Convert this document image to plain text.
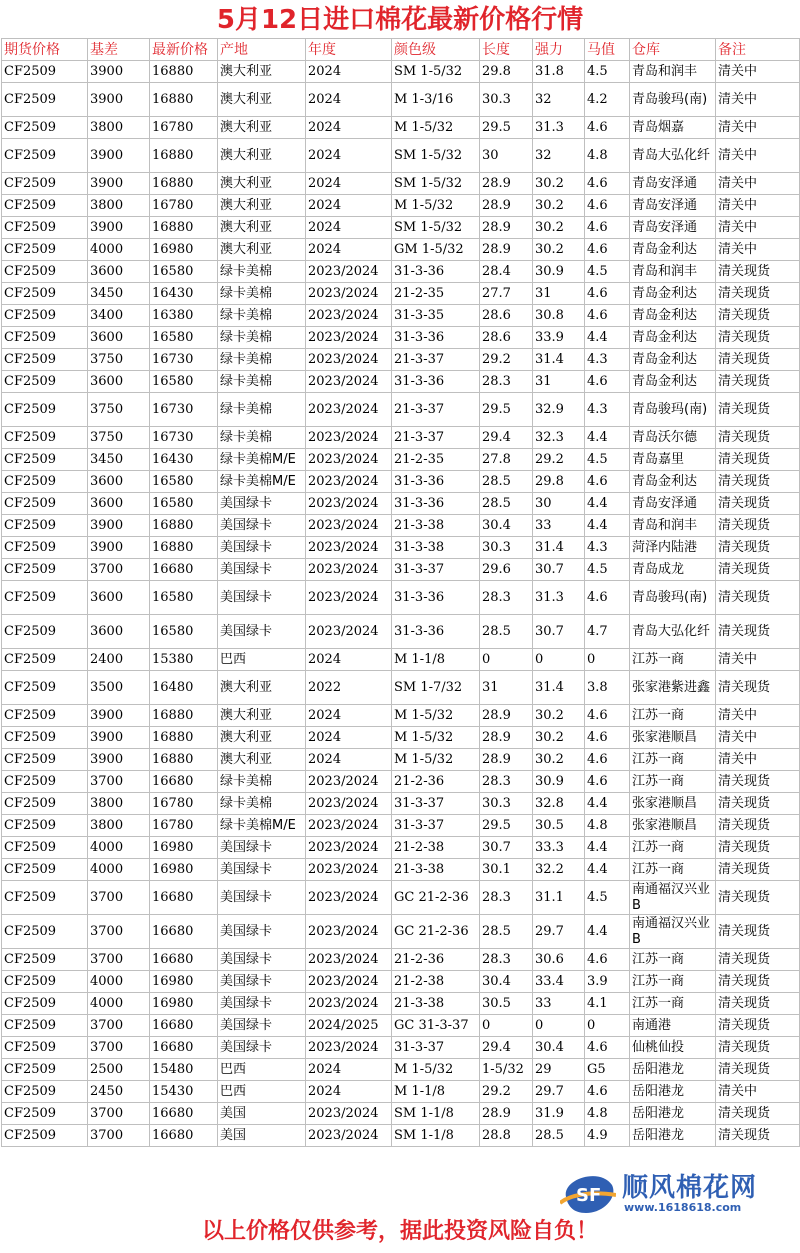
5月12日进口棉花最新价格行情
期货价格	基差	最新价格	产地	年度	颜色级	长度	强力	马值	仓库	备注
CF2509	3900	16880	澳大利亚	2024	SM 1-5/32	29.8	31.8	4.5	青岛和润丰	清关中
CF2509	3900	16880	澳大利亚	2024	M 1-3/16	30.3	32	4.2	青岛骏玛(南)	清关中
CF2509	3800	16780	澳大利亚	2024	M 1-5/32	29.5	31.3	4.6	青岛烟嘉	清关中
CF2509	3900	16880	澳大利亚	2024	SM 1-5/32	30	32	4.8	青岛大弘化纤	清关中
CF2509	3900	16880	澳大利亚	2024	SM 1-5/32	28.9	30.2	4.6	青岛安泽通	清关中
CF2509	3800	16780	澳大利亚	2024	M 1-5/32	28.9	30.2	4.6	青岛安泽通	清关中
CF2509	3900	16880	澳大利亚	2024	SM 1-5/32	28.9	30.2	4.6	青岛安泽通	清关中
CF2509	4000	16980	澳大利亚	2024	GM 1-5/32	28.9	30.2	4.6	青岛金利达	清关中
CF2509	3600	16580	绿卡美棉	2023/2024	31-3-36	28.4	30.9	4.5	青岛和润丰	清关现货
CF2509	3450	16430	绿卡美棉	2023/2024	21-2-35	27.7	31	4.6	青岛金利达	清关现货
CF2509	3400	16380	绿卡美棉	2023/2024	31-3-35	28.6	30.8	4.6	青岛金利达	清关现货
CF2509	3600	16580	绿卡美棉	2023/2024	31-3-36	28.6	33.9	4.4	青岛金利达	清关现货
CF2509	3750	16730	绿卡美棉	2023/2024	21-3-37	29.2	31.4	4.3	青岛金利达	清关现货
CF2509	3600	16580	绿卡美棉	2023/2024	31-3-36	28.3	31	4.6	青岛金利达	清关现货
CF2509	3750	16730	绿卡美棉	2023/2024	21-3-37	29.5	32.9	4.3	青岛骏玛(南)	清关现货
CF2509	3750	16730	绿卡美棉	2023/2024	21-3-37	29.4	32.3	4.4	青岛沃尔德	清关现货
CF2509	3450	16430	绿卡美棉M/E	2023/2024	21-2-35	27.8	29.2	4.5	青岛嘉里	清关现货
CF2509	3600	16580	绿卡美棉M/E	2023/2024	31-3-36	28.5	29.8	4.6	青岛金利达	清关现货
CF2509	3600	16580	美国绿卡	2023/2024	31-3-36	28.5	30	4.4	青岛安泽通	清关现货
CF2509	3900	16880	美国绿卡	2023/2024	21-3-38	30.4	33	4.4	青岛和润丰	清关现货
CF2509	3900	16880	美国绿卡	2023/2024	31-3-38	30.3	31.4	4.3	菏泽内陆港	清关现货
CF2509	3700	16680	美国绿卡	2023/2024	31-3-37	29.6	30.7	4.5	青岛成龙	清关现货
CF2509	3600	16580	美国绿卡	2023/2024	31-3-36	28.3	31.3	4.6	青岛骏玛(南)	清关现货
CF2509	3600	16580	美国绿卡	2023/2024	31-3-36	28.5	30.7	4.7	青岛大弘化纤	清关现货
CF2509	2400	15380	巴西	2024	M 1-1/8	0	0	0	江苏一商	清关中
CF2509	3500	16480	澳大利亚	2022	SM 1-7/32	31	31.4	3.8	张家港紫进鑫	清关现货
CF2509	3900	16880	澳大利亚	2024	M 1-5/32	28.9	30.2	4.6	江苏一商	清关中
CF2509	3900	16880	澳大利亚	2024	M 1-5/32	28.9	30.2	4.6	张家港顺昌	清关中
CF2509	3900	16880	澳大利亚	2024	M 1-5/32	28.9	30.2	4.6	江苏一商	清关中
CF2509	3700	16680	绿卡美棉	2023/2024	21-2-36	28.3	30.9	4.6	江苏一商	清关现货
CF2509	3800	16780	绿卡美棉	2023/2024	31-3-37	30.3	32.8	4.4	张家港顺昌	清关现货
CF2509	3800	16780	绿卡美棉M/E	2023/2024	31-3-37	29.5	30.5	4.8	张家港顺昌	清关现货
CF2509	4000	16980	美国绿卡	2023/2024	21-2-38	30.7	33.3	4.4	江苏一商	清关现货
CF2509	4000	16980	美国绿卡	2023/2024	21-3-38	30.1	32.2	4.4	江苏一商	清关现货
CF2509	3700	16680	美国绿卡	2023/2024	GC 21-2-36	28.3	31.1	4.5	南通福汉兴业B	清关现货
CF2509	3700	16680	美国绿卡	2023/2024	GC 21-2-36	28.5	29.7	4.4	南通福汉兴业B	清关现货
CF2509	3700	16680	美国绿卡	2023/2024	21-2-36	28.3	30.6	4.6	江苏一商	清关现货
CF2509	4000	16980	美国绿卡	2023/2024	21-2-38	30.4	33.4	3.9	江苏一商	清关现货
CF2509	4000	16980	美国绿卡	2023/2024	21-3-38	30.5	33	4.1	江苏一商	清关现货
CF2509	3700	16680	美国绿卡	2024/2025	GC 31-3-37	0	0	0	南通港	清关现货
CF2509	3700	16680	美国绿卡	2023/2024	31-3-37	29.4	30.4	4.6	仙桃仙投	清关现货
CF2509	2500	15480	巴西	2024	M 1-5/32	1-5/32	29	G5	岳阳港龙	清关现货
CF2509	2450	15430	巴西	2024	M 1-1/8	29.2	29.7	4.6	岳阳港龙	清关中
CF2509	3700	16680	美国	2023/2024	SM 1-1/8	28.9	31.9	4.8	岳阳港龙	清关现货
CF2509	3700	16680	美国	2023/2024	SM 1-1/8	28.8	28.5	4.9	岳阳港龙	清关现货
SF 顺风棉花网
www.1618618.com
以上价格仅供参考，据此投资风险自负！
